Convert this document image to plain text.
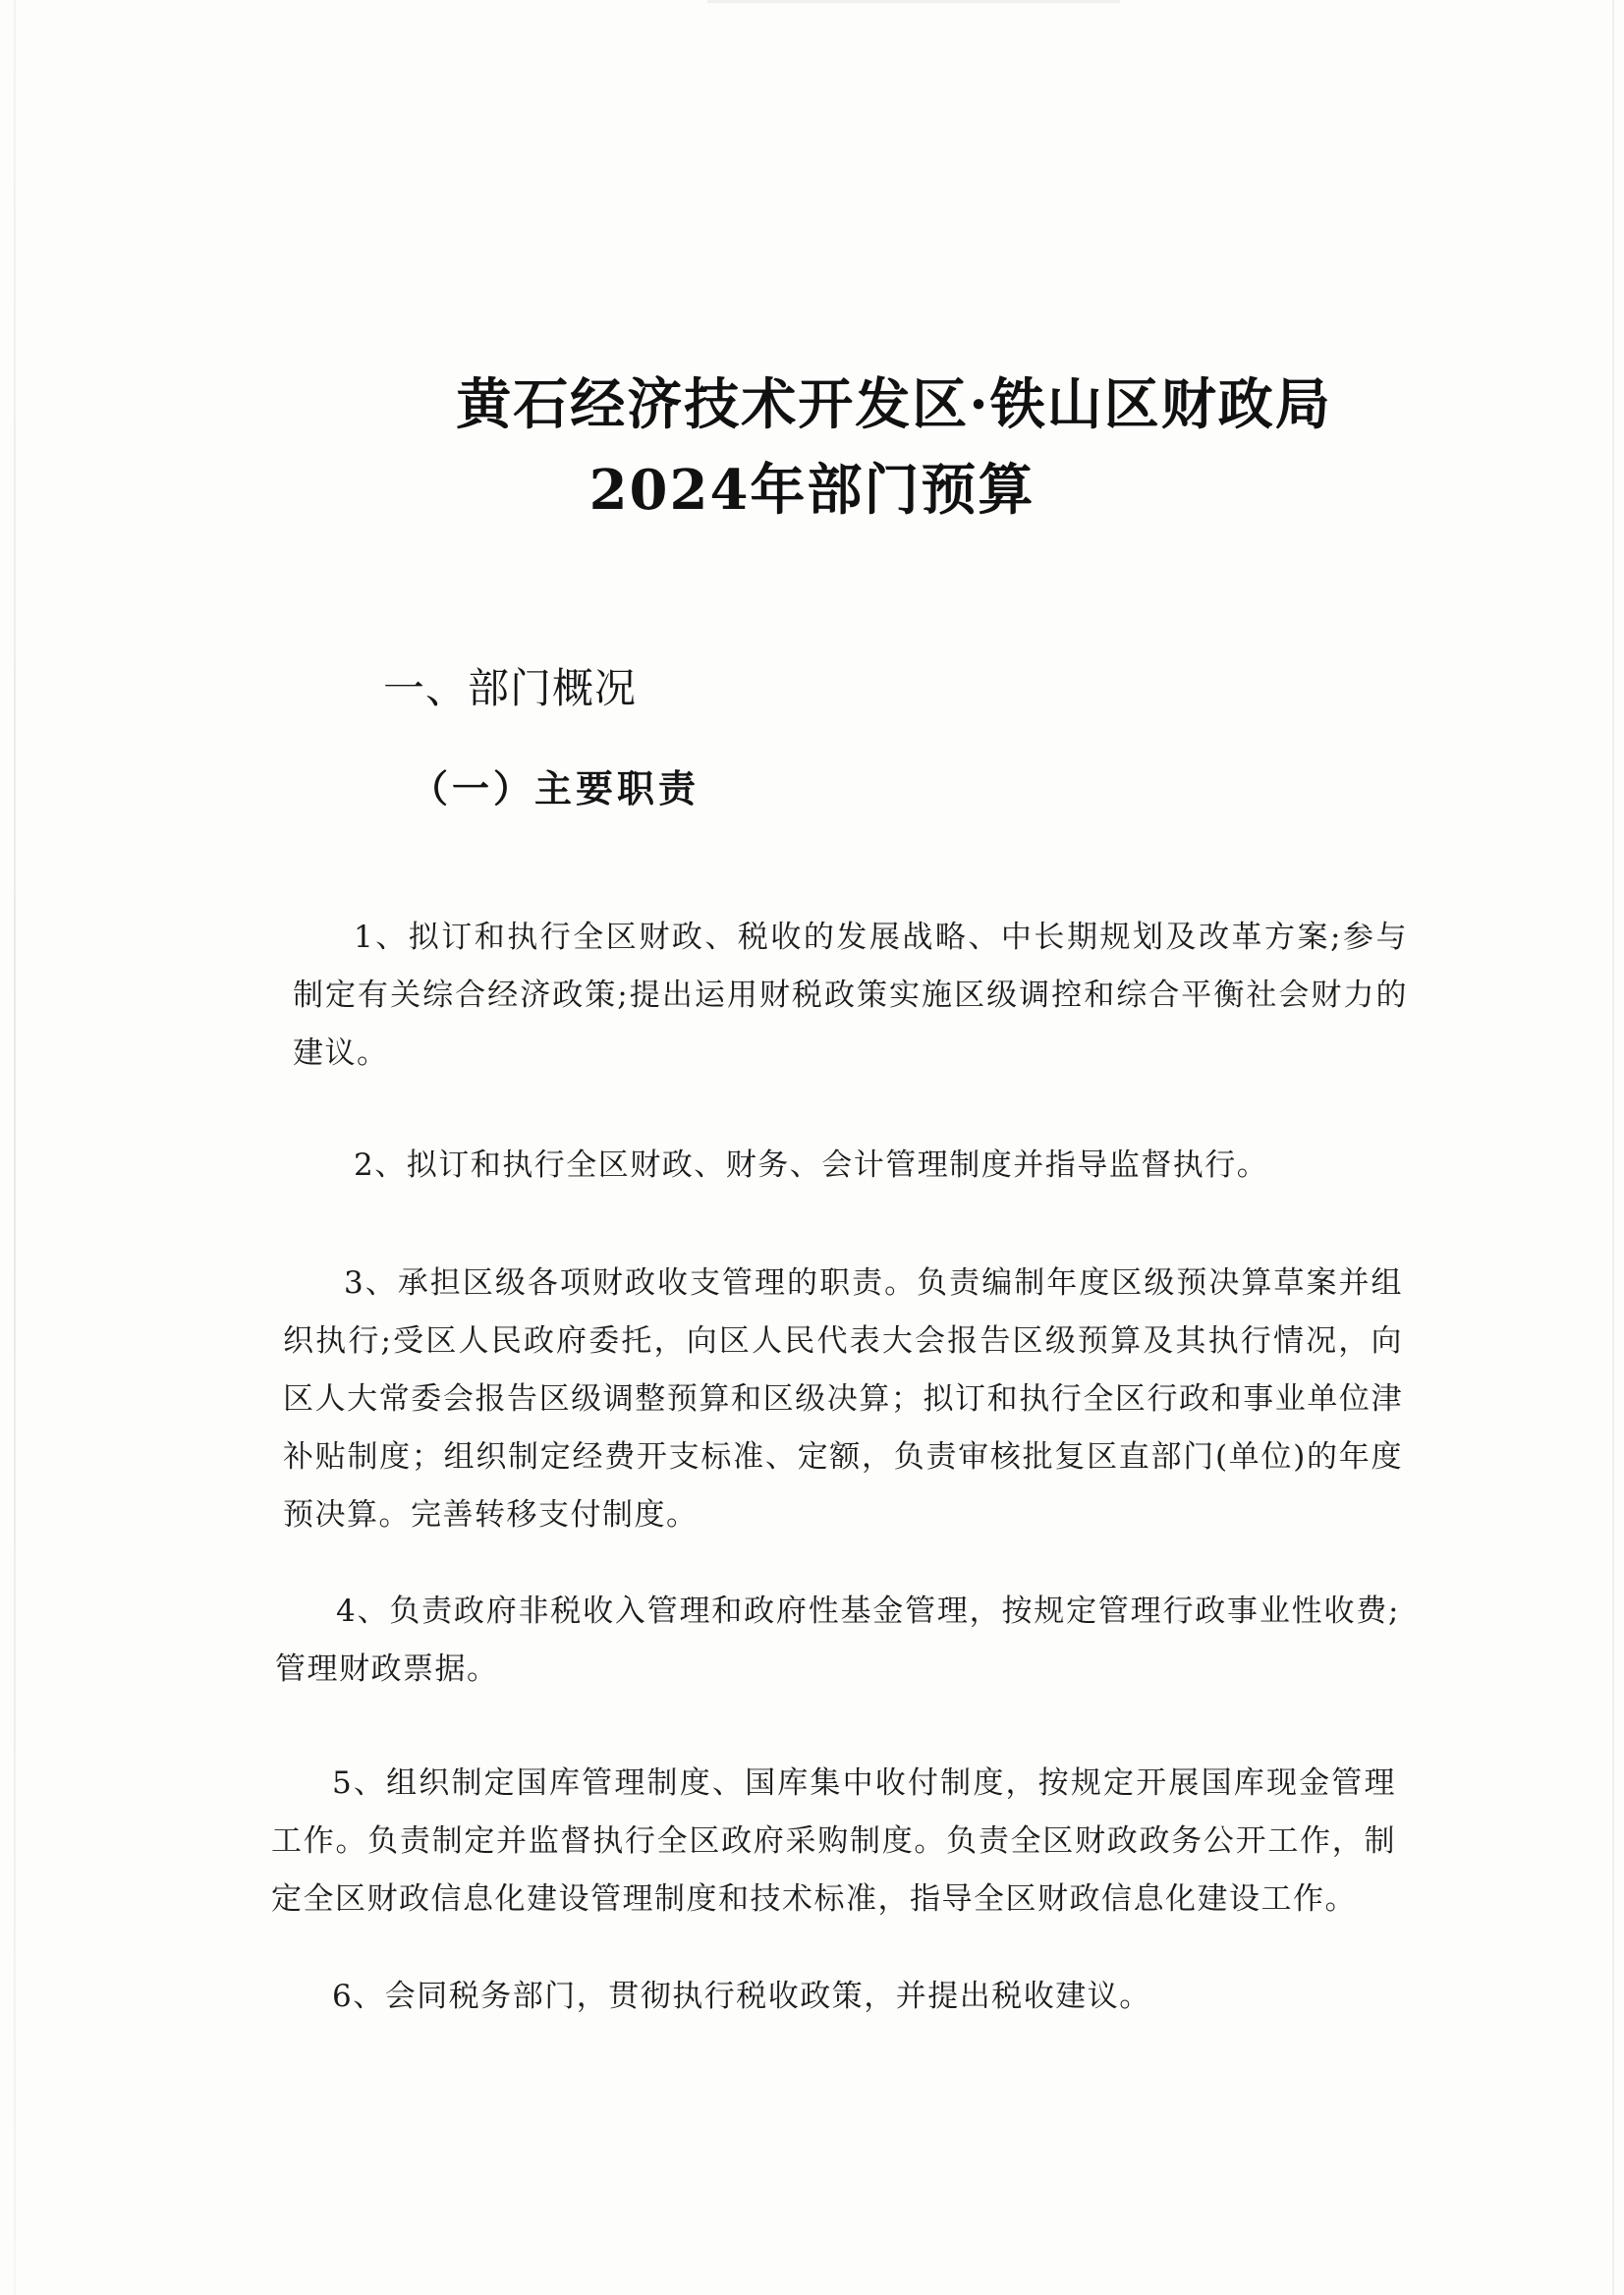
黄石经济技术开发区·铁山区财政局
2024年部门预算
一、部门概况
（一）主要职责

1、拟订和执行全区财政、税收的发展战略、中长期规划及改革方案;参与制定有关综合经济政策;提出运用财税政策实施区级调控和综合平衡社会财力的建议。

2、拟订和执行全区财政、财务、会计管理制度并指导监督执行。

3、承担区级各项财政收支管理的职责。负责编制年度区级预决算草案并组织执行;受区人民政府委托，向区人民代表大会报告区级预算及其执行情况，向区人大常委会报告区级调整预算和区级决算；拟订和执行全区行政和事业单位津补贴制度；组织制定经费开支标准、定额，负责审核批复区直部门(单位)的年度预决算。完善转移支付制度。

4、负责政府非税收入管理和政府性基金管理，按规定管理行政事业性收费;管理财政票据。

5、组织制定国库管理制度、国库集中收付制度，按规定开展国库现金管理工作。负责制定并监督执行全区政府采购制度。负责全区财政政务公开工作，制定全区财政信息化建设管理制度和技术标准，指导全区财政信息化建设工作。

6、会同税务部门，贯彻执行税收政策，并提出税收建议。
